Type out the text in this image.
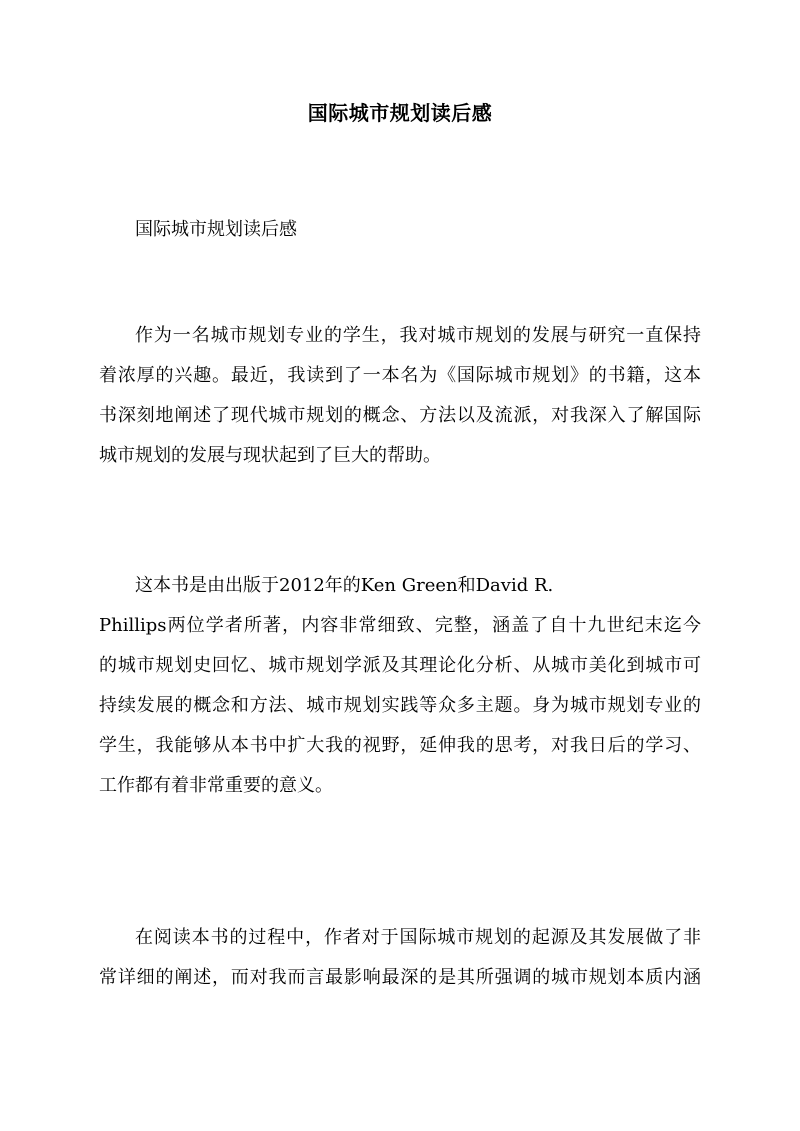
国际城市规划读后感
国际城市规划读后感
作为一名城市规划专业的学生，我对城市规划的发展与研究一直保持
着浓厚的兴趣。最近，我读到了一本名为《国际城市规划》的书籍，这本
书深刻地阐述了现代城市规划的概念、方法以及流派，对我深入了解国际
城市规划的发展与现状起到了巨大的帮助。
这本书是由出版于2012年的Ken Green和David R.
Phillips两位学者所著，内容非常细致、完整，涵盖了自十九世纪末迄今
的城市规划史回忆、城市规划学派及其理论化分析、从城市美化到城市可
持续发展的概念和方法、城市规划实践等众多主题。身为城市规划专业的
学生，我能够从本书中扩大我的视野，延伸我的思考，对我日后的学习、
工作都有着非常重要的意义。
在阅读本书的过程中，作者对于国际城市规划的起源及其发展做了非
常详细的阐述，而对我而言最影响最深的是其所强调的城市规划本质内涵
